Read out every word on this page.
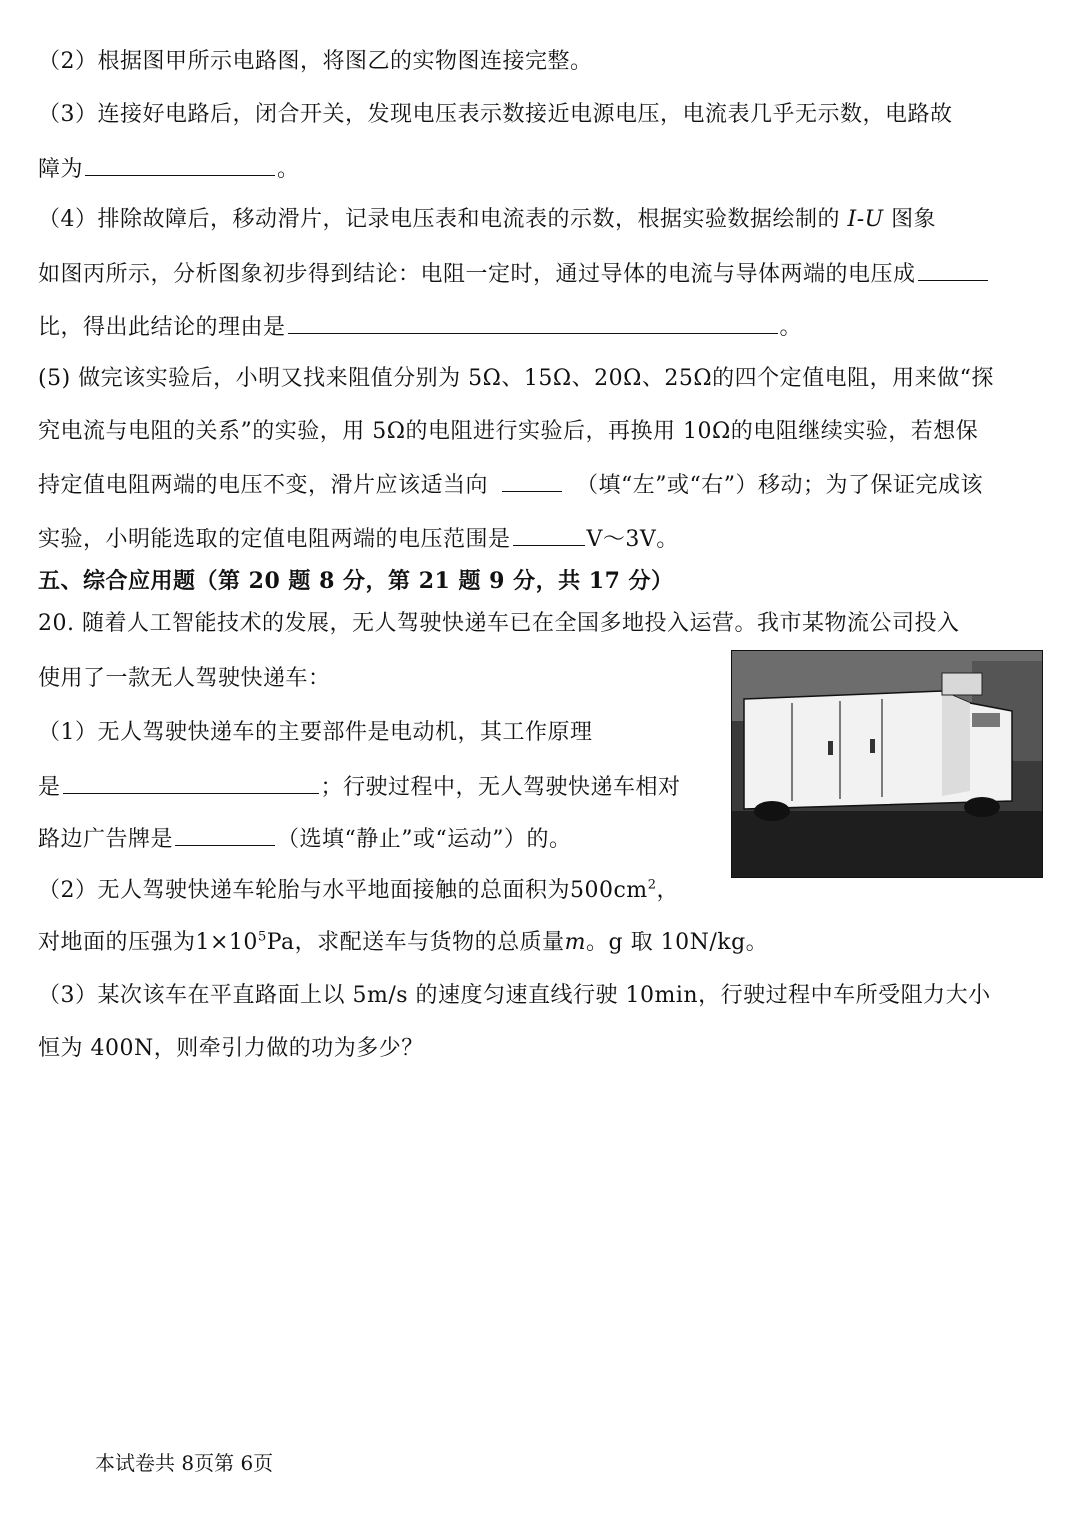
（2）根据图甲所示电路图，将图乙的实物图连接完整。
（3）连接好电路后，闭合开关，发现电压表示数接近电源电压，电流表几乎无示数，电路故
障为	。
（4）排除故障后，移动滑片，记录电压表和电流表的示数，根据实验数据绘制的 I-U 图象
如图丙所示，分析图象初步得到结论：电阻一定时，通过导体的电流与导体两端的电压成
比，得出此结论的理由是	。
(5) 做完该实验后，小明又找来阻值分别为 5Ω、15Ω、20Ω、25Ω的四个定值电阻，用来做“探
究电流与电阻的关系”的实验，用 5Ω的电阻进行实验后，再换用 10Ω的电阻继续实验，若想保
持定值电阻两端的电压不变，滑片应该适当向	（填“左”或“右”）移动；为了保证完成该
实验，小明能选取的定值电阻两端的电压范围是	V～3V。
五、综合应用题（第 20 题 8 分，第 21 题 9 分，共 17 分）
20. 随着人工智能技术的发展，无人驾驶快递车已在全国多地投入运营。我市某物流公司投入
使用了一款无人驾驶快递车：
（1）无人驾驶快递车的主要部件是电动机，其工作原理
是	；行驶过程中，无人驾驶快递车相对
路边广告牌是	（选填“静止”或“运动”）的。
（2）无人驾驶快递车轮胎与水平地面接触的总面积为$500cm^2$，
对地面的压强为$1\times 10^5Pa$，求配送车与货物的总质量m。g 取 10N/kg。
（3）某次该车在平直路面上以 5m/s 的速度匀速直线行驶 10min，行驶过程中车所受阻力大小
恒为 400N，则牵引力做的功为多少？
本试卷共 8页第 6页
